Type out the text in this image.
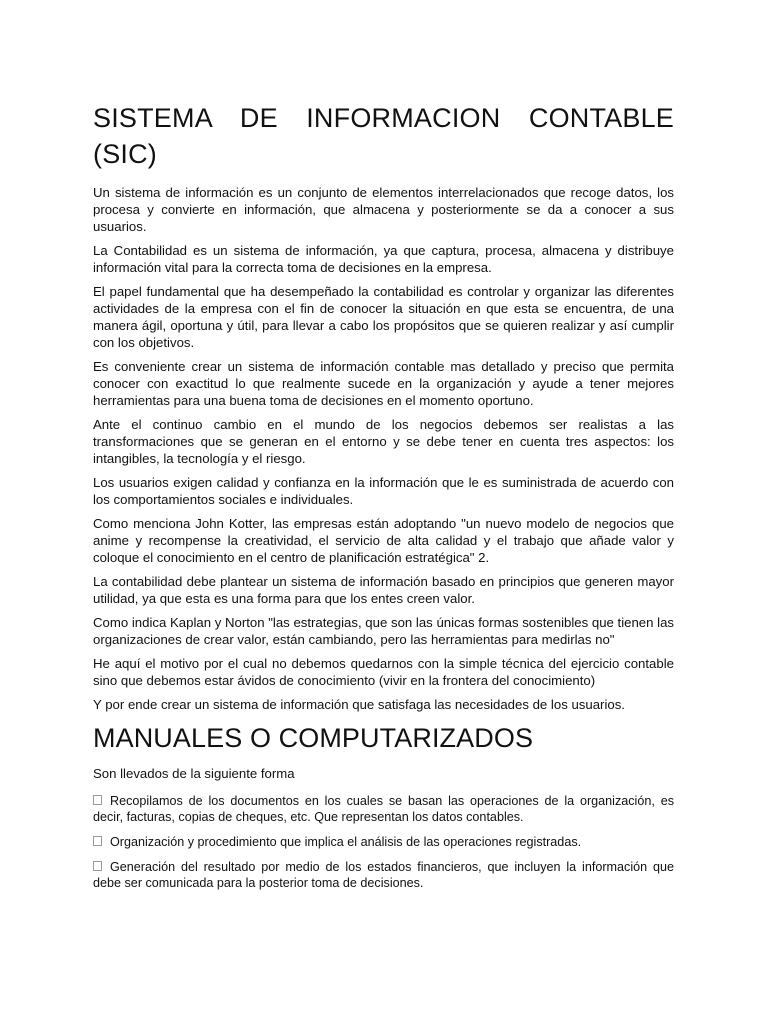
SISTEMA DE INFORMACION CONTABLE (SIC)

Un sistema de información es un conjunto de elementos interrelacionados que recoge datos, los procesa y convierte en información, que almacena y posteriormente se da a conocer a sus usuarios.

La Contabilidad es un sistema de información, ya que captura, procesa, almacena y distribuye información vital para la correcta toma de decisiones en la empresa.

El papel fundamental que ha desempeñado la contabilidad es controlar y organizar las diferentes actividades de la empresa con el fin de conocer la situación en que esta se encuentra, de una manera ágil, oportuna y útil, para llevar a cabo los propósitos que se quieren realizar y así cumplir con los objetivos.

Es conveniente crear un sistema de información contable mas detallado y preciso que permita conocer con exactitud lo que realmente sucede en la organización y ayude a tener mejores herramientas para una buena toma de decisiones en el momento oportuno.

Ante el continuo cambio en el mundo de los negocios debemos ser realistas a las transformaciones que se generan en el entorno y se debe tener en cuenta tres aspectos: los intangibles, la tecnología y el riesgo.

Los usuarios exigen calidad y confianza en la información que le es suministrada de acuerdo con los comportamientos sociales e individuales.

Como menciona John Kotter, las empresas están adoptando "un nuevo modelo de negocios que anime y recompense la creatividad, el servicio de alta calidad y el trabajo que añade valor y coloque el conocimiento en el centro de planificación estratégica" 2.

La contabilidad debe plantear un sistema de información basado en principios que generen mayor utilidad, ya que esta es una forma para que los entes creen valor.

Como indica Kaplan y Norton "las estrategias, que son las únicas formas sostenibles que tienen las organizaciones de crear valor, están cambiando, pero las herramientas para medirlas no"

He aquí el motivo por el cual no debemos quedarnos con la simple técnica del ejercicio contable sino que debemos estar ávidos de conocimiento (vivir en la frontera del conocimiento)

Y por ende crear un sistema de información que satisfaga las necesidades de los usuarios.

MANUALES O COMPUTARIZADOS

Son llevados de la siguiente forma

Recopilamos de los documentos en los cuales se basan las operaciones de la organización, es decir, facturas, copias de cheques, etc. Que representan los datos contables.
Organización y procedimiento que implica el análisis de las operaciones registradas.
Generación del resultado por medio de los estados financieros, que incluyen la información que debe ser comunicada para la posterior toma de decisiones.
